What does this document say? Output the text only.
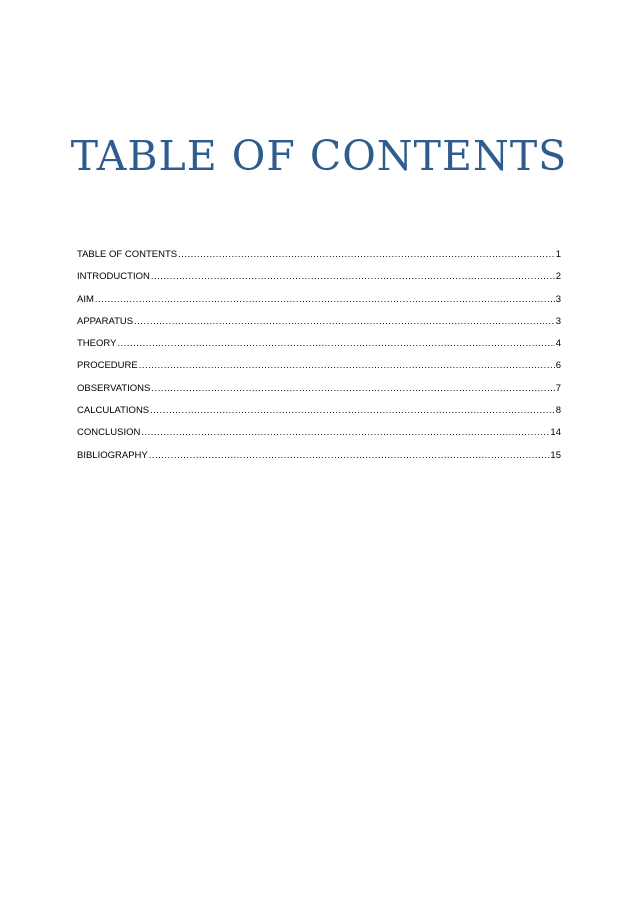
TABLE OF CONTENTS
TABLE OF CONTENTS .....	1
INTRODUCTION .....	2
AIM .....	3
APPARATUS .....	3
THEORY .....	4
PROCEDURE .....	6
OBSERVATIONS .....	7
CALCULATIONS .....	8
CONCLUSION .....	14
BIBLIOGRAPHY .....	15
